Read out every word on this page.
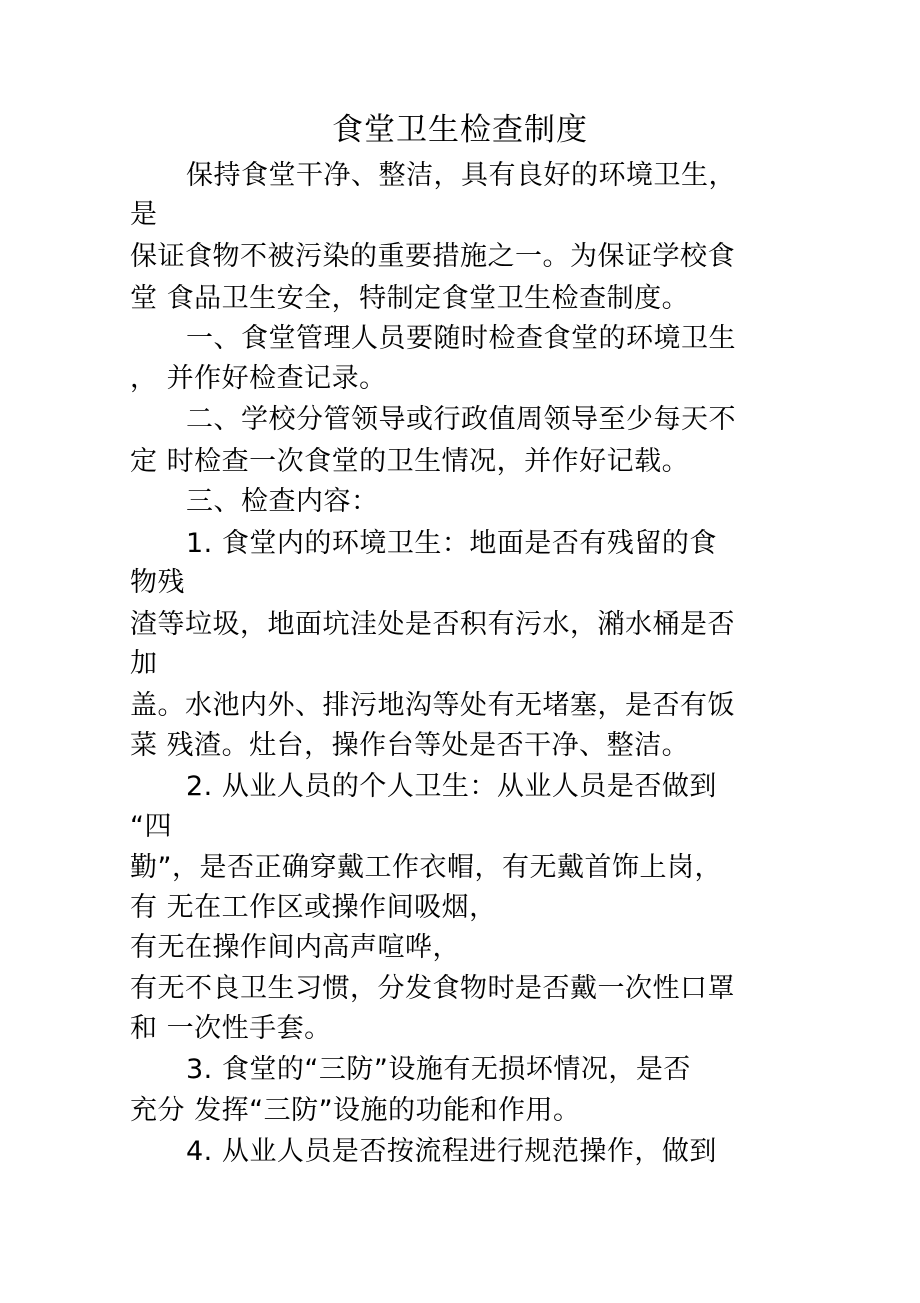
食堂卫生检查制度
保持食堂干净、整洁，具有良好的环境卫生，
是
保证食物不被污染的重要措施之一。为保证学校食
堂 食品卫生安全，特制定食堂卫生检查制度。
一、食堂管理人员要随时检查食堂的环境卫生
， 并作好检查记录。
二、学校分管领导或行政值周领导至少每天不
定 时检查一次食堂的卫生情况，并作好记载。
三、检查内容：
1. 食堂内的环境卫生：地面是否有残留的食
物残
渣等垃圾，地面坑洼处是否积有污水，潲水桶是否
加
盖。水池内外、排污地沟等处有无堵塞，是否有饭
菜 残渣。灶台，操作台等处是否干净、整洁。
2. 从业人员的个人卫生：从业人员是否做到
“四
勤”，是否正确穿戴工作衣帽，有无戴首饰上岗，
有 无在工作区或操作间吸烟，
有无在操作间内高声喧哗，
有无不良卫生习惯，分发食物时是否戴一次性口罩
和 一次性手套。
3. 食堂的“三防”设施有无损坏情况，是否
充分 发挥“三防”设施的功能和作用。
4. 从业人员是否按流程进行规范操作，做到
